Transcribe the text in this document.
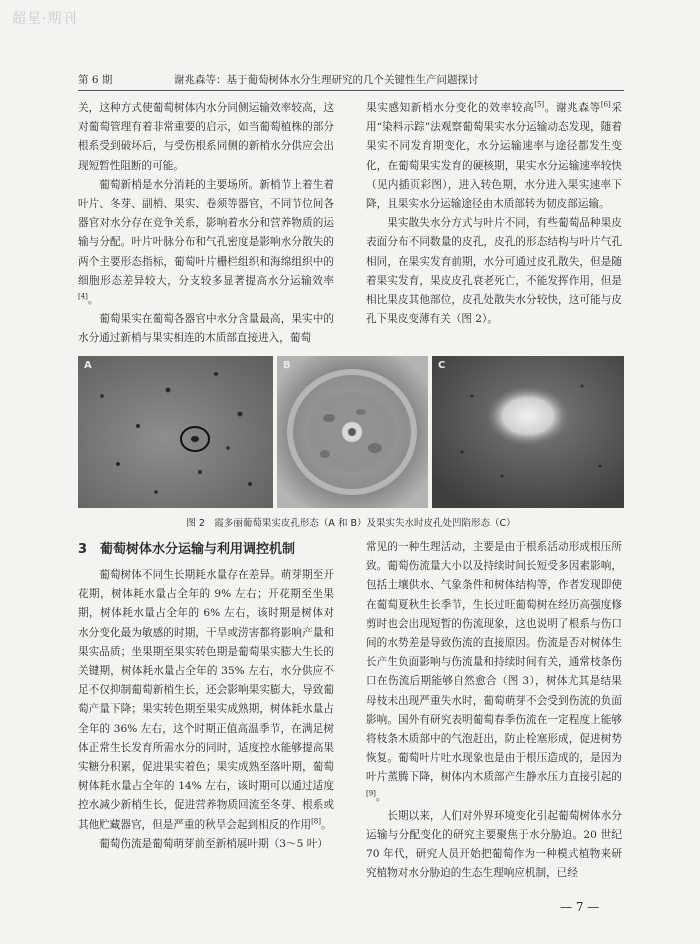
超星·期刊
第 6 期	谢兆森等：基于葡萄树体水分生理研究的几个关键性生产问题探讨

关，这种方式使葡萄树体内水分同侧运输效率较高，这对葡萄管理有着非常重要的启示，如当葡萄植株的部分根系受到破坏后，与受伤根系同侧的新梢水分供应会出现短暂性阻断的可能。

葡萄新梢是水分消耗的主要场所。新梢节上着生着叶片、冬芽、副梢、果实、卷须等器官，不同节位间各器官对水分存在竞争关系，影响着水分和营养物质的运输与分配。叶片叶脉分布和气孔密度是影响水分散失的两个主要形态指标，葡萄叶片栅栏组织和海绵组织中的细胞形态差异较大，分支较多显著提高水分运输效率[4]。

葡萄果实在葡萄各器官中水分含量最高，果实中的水分通过新梢与果实相连的木质部直接进入，葡萄

果实感知新梢水分变化的效率较高[5]。谢兆森等[6]采用“染料示踪”法观察葡萄果实水分运输动态发现，随着果实不同发育期变化，水分运输速率与途径都发生变化，在葡萄果实发育的硬核期，果实水分运输速率较快（见内插页彩图），进入转色期，水分进入果实速率下降，且果实水分运输途径由木质部转为韧皮部运输。

果实散失水分方式与叶片不同，有些葡萄品种果皮表面分布不同数量的皮孔，皮孔的形态结构与叶片气孔相同，在果实发育前期，水分可通过皮孔散失，但是随着果实发育，果皮皮孔衰老死亡，不能发挥作用，但是相比果皮其他部位，皮孔处散失水分较快，这可能与皮孔下果皮变薄有关（图 2）。

A	B	C
图 2　霞多丽葡萄果实皮孔形态（A 和 B）及果实失水时皮孔处凹陷形态（C）
3　葡萄树体水分运输与利用调控机制

葡萄树体不同生长期耗水量存在差异。萌芽期至开花期，树体耗水量占全年的 9% 左右；开花期至坐果期，树体耗水量占全年的 6% 左右，该时期是树体对水分变化最为敏感的时期，干旱或涝害都将影响产量和果实品质；坐果期至果实转色期是葡萄果实膨大生长的关键期，树体耗水量占全年的 35% 左右，水分供应不足不仅抑制葡萄新梢生长，还会影响果实膨大，导致葡萄产量下降；果实转色期至果实成熟期，树体耗水量占全年的 36% 左右，这个时期正值高温季节，在满足树体正常生长发育所需水分的同时，适度控水能够提高果实糖分积累，促进果实着色；果实成熟至落叶期，葡萄树体耗水量占全年的 14% 左右，该时期可以通过适度控水减少新梢生长，促进营养物质回流至冬芽、根系或其他贮藏器官，但是严重的秋旱会起到相反的作用[8]。

葡萄伤流是葡萄萌芽前至新梢展叶期（3～5 叶）

常见的一种生理活动，主要是由于根系活动形成根压所致。葡萄伤流量大小以及持续时间长短受多因素影响，包括土壤供水、气象条件和树体结构等，作者发现即使在葡萄夏秋生长季节，生长过旺葡萄树在经历高强度修剪时也会出现短暂的伤流现象，这也说明了根系与伤口间的水势差是导致伤流的直接原因。伤流是否对树体生长产生负面影响与伤流量和持续时间有关，通常枝条伤口在伤流后期能够自然愈合（图 3），树体尤其是结果母枝未出现严重失水时，葡萄萌芽不会受到伤流的负面影响。国外有研究表明葡萄春季伤流在一定程度上能够将枝条木质部中的气泡赶出，防止栓塞形成，促进树势恢复。葡萄叶片吐水现象也是由于根压造成的，是因为叶片蒸腾下降，树体内木质部产生静水压力直接引起的[9]。

长期以来，人们对外界环境变化引起葡萄树体水分运输与分配变化的研究主要聚焦于水分胁迫。20 世纪 70 年代，研究人员开始把葡萄作为一种模式植物来研究植物对水分胁迫的生态生理响应机制，已经

— 7 —
